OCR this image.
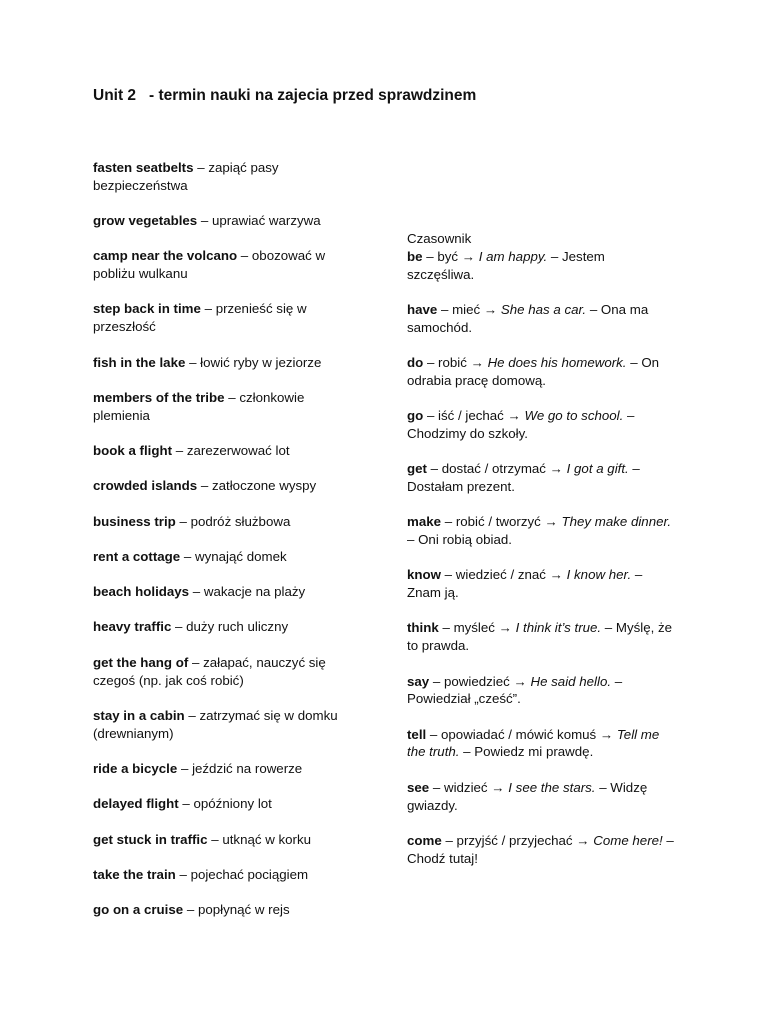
Unit 2   - termin nauki na zajecia przed sprawdzinem

fasten seatbelts – zapiąć pasy bezpieczeństwa

grow vegetables – uprawiać warzywa

camp near the volcano – obozować w pobliżu wulkanu

step back in time – przenieść się w przeszłość

fish in the lake – łowić ryby w jeziorze

members of the tribe – członkowie plemienia

book a flight – zarezerwować lot

crowded islands – zatłoczone wyspy

business trip – podróż służbowa

rent a cottage – wynająć domek

beach holidays – wakacje na plaży

heavy traffic – duży ruch uliczny

get the hang of – załapać, nauczyć się czegoś (np. jak coś robić)

stay in a cabin – zatrzymać się w domku (drewnianym)

ride a bicycle – jeździć na rowerze

delayed flight – opóźniony lot

get stuck in traffic – utknąć w korku

take the train – pojechać pociągiem

go on a cruise – popłynąć w rejs

Czasownik

be – być → I am happy. – Jestem szczęśliwa.

have – mieć → She has a car. – Ona ma samochód.

do – robić → He does his homework. – On odrabia pracę domową.

go – iść / jechać → We go to school. – Chodzimy do szkoły.

get – dostać / otrzymać → I got a gift. – Dostałam prezent.

make – robić / tworzyć → They make dinner. – Oni robią obiad.

know – wiedzieć / znać → I know her. – Znam ją.

think – myśleć → I think it’s true. – Myślę, że to prawda.

say – powiedzieć → He said hello. – Powiedział „cześć”.

tell – opowiadać / mówić komuś → Tell me the truth. – Powiedz mi prawdę.

see – widzieć → I see the stars. – Widzę gwiazdy.

come – przyjść / przyjechać → Come here! – Chodź tutaj!
